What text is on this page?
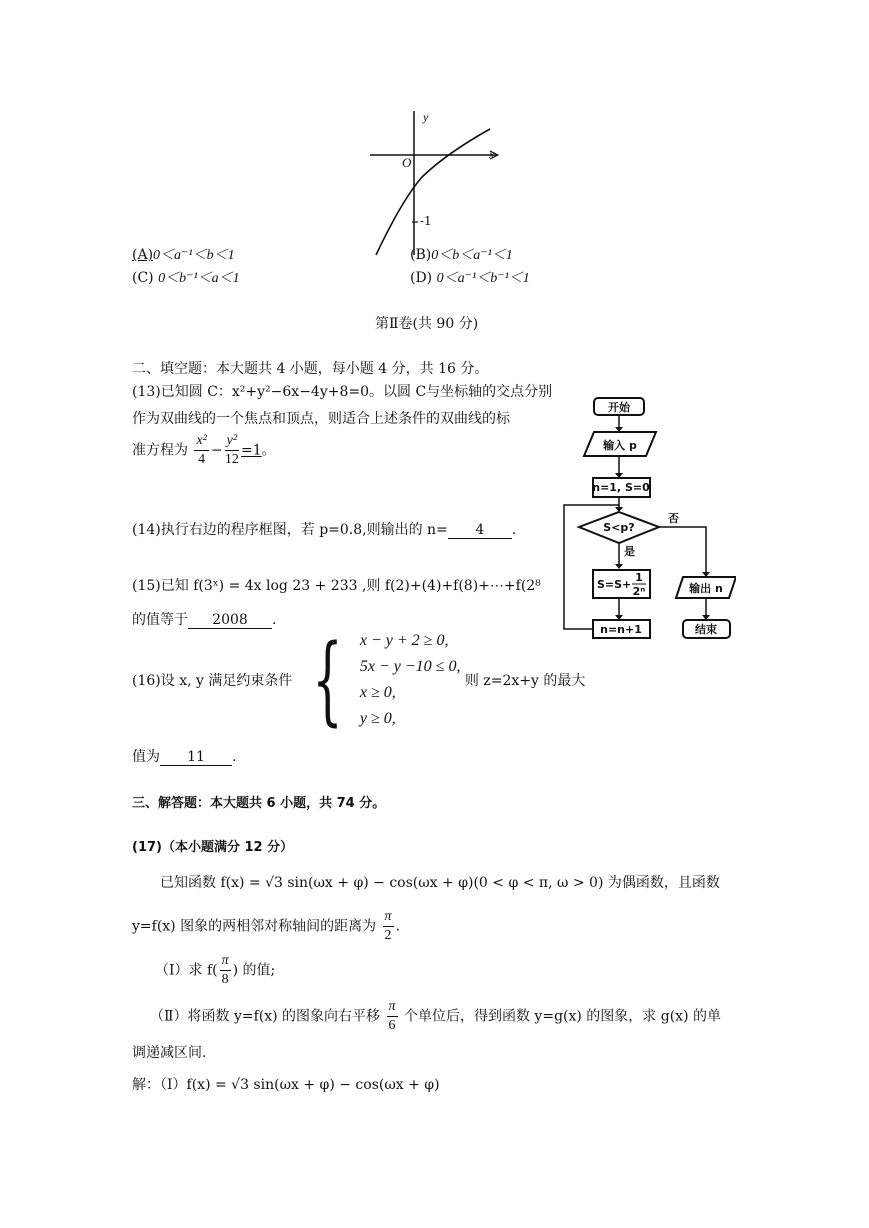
y
x
O
-1
(A)0＜a⁻¹＜b＜1	(B)0＜b＜a⁻¹＜1
(C) 0＜b⁻¹＜a＜1	(D) 0＜a⁻¹＜b⁻¹＜1
第Ⅱ卷(共 90 分)
二、填空题：本大题共 4 小题，每小题 4 分，共 16 分。
(13)已知圆 C：x²+y²−6x−4y+8=0。以圆 C与坐标轴的交点分别
作为双曲线的一个焦点和顶点，则适合上述条件的双曲线的标
准方程为 $\frac{\text{x²}}{4} - \frac{\text{y²}}{12} =1$。
(14)执行右边的程序框图，若 p=0.8,则输出的 n= 4 .
(15)已知 f(3ˣ) = 4x log 23 + 233 ,则 f(2)+(4)+f(8)+⋯+f(2⁸
的值等于 2008 .
(16)设 x, y 满足约束条件 { x − y + 2 ≥ 0,
5x − y −10 ≤ 0,
x ≥ 0,
y ≥ 0,
则 z=2x+y 的最大
值为 11 .
三、解答题：本大题共 6 小题，共 74 分。
(17)（本小题满分 12 分）
已知函数 f(x) = √3 sin(ωx + φ) − cos(ωx + φ)(0 < φ < π, ω > 0) 为偶函数，且函数
y=f(x) 图象的两相邻对称轴间的距离为 $\frac{\pi}{2}$ .
（Ⅰ）求 $f( \frac{\pi}{8}$ ) 的值;
（Ⅱ）将函数 y=f(x) 的图象向右平移 $\frac{\pi}{6}$ 个单位后，得到函数 y=g(x) 的图象，求 g(x) 的单
调递减区间.
解：（Ⅰ）f(x) = √3 sin(ωx + φ) − cos(ωx + φ)
开始
输入 p
n=1, S=0
S<p?
否
是
S=S+
1
2ⁿ	输出 n
n=n+1	结束
